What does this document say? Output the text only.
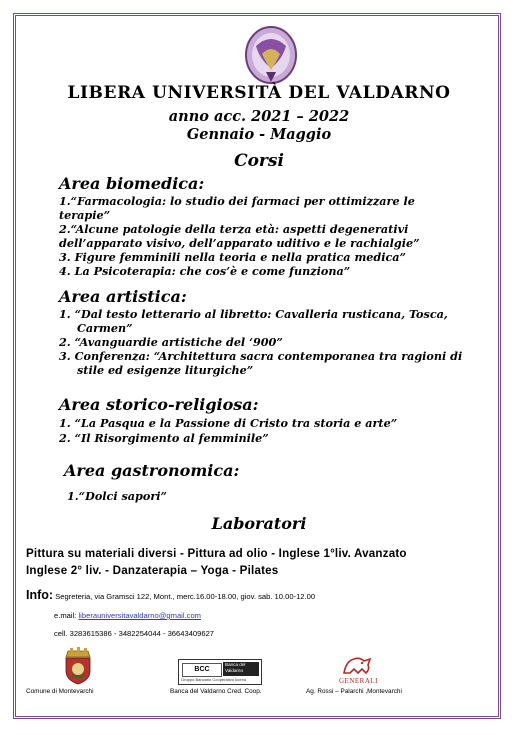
LIBERA UNIVERSITÀ DEL VALDARNO
anno acc. 2021 – 2022
Gennaio - Maggio
Corsi
Area biomedica:
1.“Farmacologia: lo studio dei farmaci per ottimizzare le
terapie”
2.“Alcune patologie della terza età: aspetti degenerativi
dell’apparato visivo, dell’apparato uditivo e le rachialgie”
3. Figure femminili nella teoria e nella pratica medica”
4. La Psicoterapia: che cos’è e come funziona”
Area artistica:
1. “Dal testo letterario al libretto: Cavalleria rusticana, Tosca,
Carmen”
2. “Avanguardie artistiche del ‘900”
3. Conferenza: “Architettura sacra contemporanea tra ragioni di
stile ed esigenze liturgiche”
Area storico-religiosa:
1. “La Pasqua e la Passione di Cristo tra storia e arte”
2. “Il Risorgimento al femminile”
Area gastronomica:
1.“Dolci sapori”
Laboratori
Pittura su materiali diversi - Pittura ad olio - Inglese 1°liv. Avanzato
Inglese 2° liv. - Danzaterapia – Yoga - Pilates
Info: Segreteria, via Gramsci 122, Mont., merc.16.00-18.00, giov. sab. 10.00-12.00
e.mail: liberauniversitavaldarno@gmail.com
cell. 3283615386 - 3482254044 - 36643409627
Comune di Montevarchi
BCC
Banca del Valdarno
Gruppo Bancario Cooperativo Iccrea
Banca del Valdarno Cred. Coop.
GENERALI
Ag. Rossi – Palarchi ,Montevarchi
